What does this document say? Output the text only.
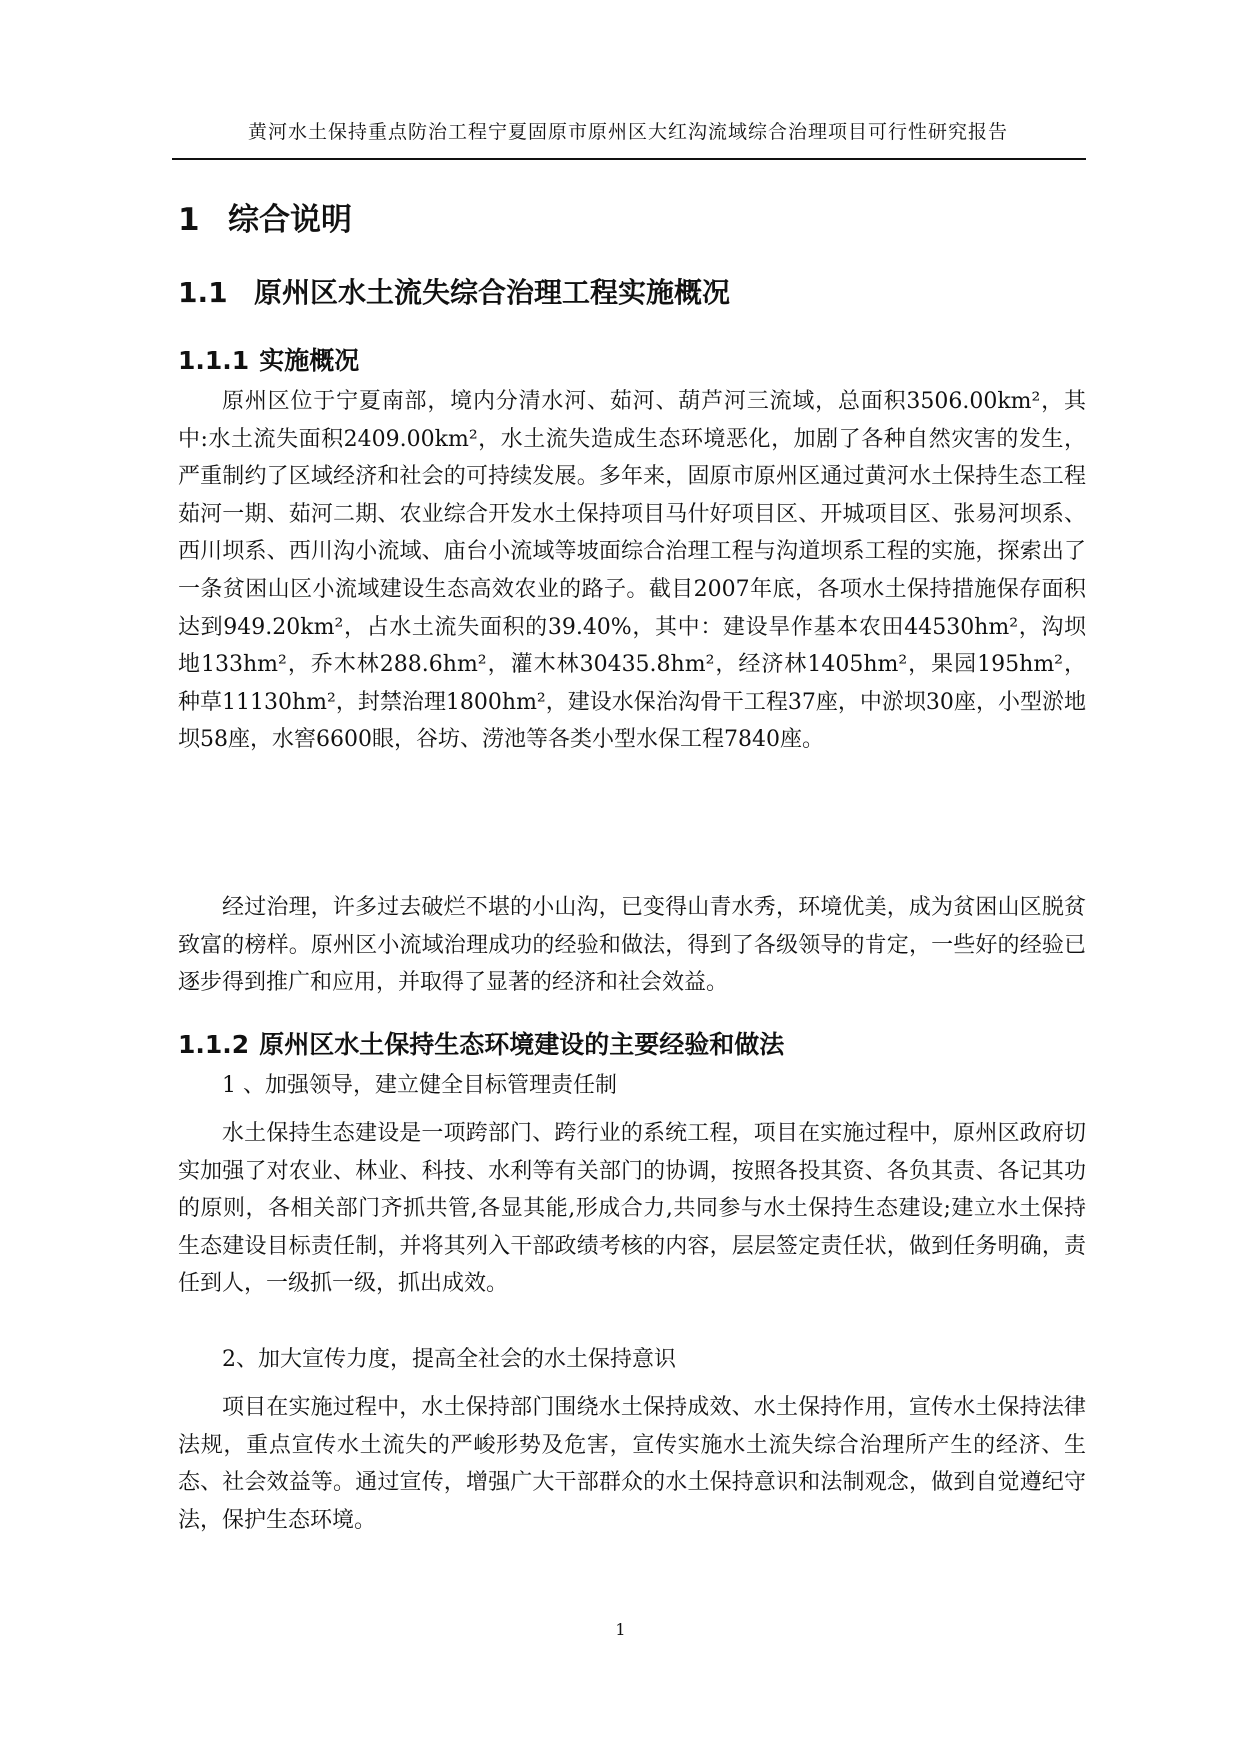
黄河水土保持重点防治工程宁夏固原市原州区大红沟流域综合治理项目可行性研究报告
1 综合说明
1.1 原州区水土流失综合治理工程实施概况
1.1.1 实施概况

原州区位于宁夏南部，境内分清水河、茹河、葫芦河三流域，总面积3506.00km²，其中:水土流失面积2409.00km²，水土流失造成生态环境恶化，加剧了各种自然灾害的发生，严重制约了区域经济和社会的可持续发展。多年来，固原市原州区通过黄河水土保持生态工程茹河一期、茹河二期、农业综合开发水土保持项目马什好项目区、开城项目区、张易河坝系、西川坝系、西川沟小流域、庙台小流域等坡面综合治理工程与沟道坝系工程的实施，探索出了一条贫困山区小流域建设生态高效农业的路子。截目2007年底，各项水土保持措施保存面积达到949.20km²，占水土流失面积的39.40%，其中：建设旱作基本农田44530hm²，沟坝地133hm²，乔木林288.6hm²，灌木林30435.8hm²，经济林1405hm²，果园195hm²，种草11130hm²，封禁治理1800hm²，建设水保治沟骨干工程37座，中淤坝30座，小型淤地坝58座，水窖6600眼，谷坊、涝池等各类小型水保工程7840座。

经过治理，许多过去破烂不堪的小山沟，已变得山青水秀，环境优美，成为贫困山区脱贫致富的榜样。原州区小流域治理成功的经验和做法，得到了各级领导的肯定，一些好的经验已逐步得到推广和应用，并取得了显著的经济和社会效益。

1.1.2 原州区水土保持生态环境建设的主要经验和做法

1 、加强领导，建立健全目标管理责任制

水土保持生态建设是一项跨部门、跨行业的系统工程，项目在实施过程中，原州区政府切实加强了对农业、林业、科技、水利等有关部门的协调，按照各投其资、各负其责、各记其功的原则，各相关部门齐抓共管,各显其能,形成合力,共同参与水土保持生态建设;建立水土保持生态建设目标责任制，并将其列入干部政绩考核的内容，层层签定责任状，做到任务明确，责任到人，一级抓一级，抓出成效。

2、加大宣传力度，提高全社会的水土保持意识

项目在实施过程中，水土保持部门围绕水土保持成效、水土保持作用，宣传水土保持法律法规，重点宣传水土流失的严峻形势及危害，宣传实施水土流失综合治理所产生的经济、生态、社会效益等。通过宣传，增强广大干部群众的水土保持意识和法制观念，做到自觉遵纪守法，保护生态环境。

1
